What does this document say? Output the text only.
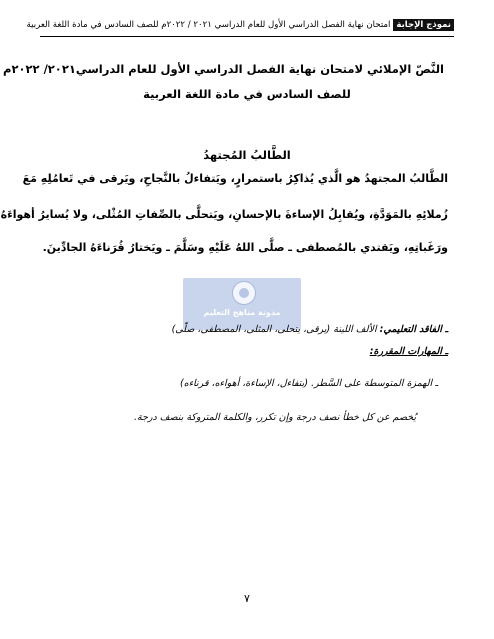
نموذج الإجابة
امتحان نهاية الفصل الدراسي الأول للعام الدراسي ٢٠٢١ / ٢٠٢٢م للصف السادس في مادة اللغة العربية
النَّصّ الإملائي لامتحان نهاية الفصل الدراسي الأول للعام الدراسي٢٠٢١/ ٢٠٢٢م
للصف السادس في مادة اللغة العربية
الطَّالبُ المُجتهدُ
الطَّالبُ المجتهدُ هو الَّذي يُذاكِرُ باستمرارٍ، ويَتفاءلُ بالنَّجاحِ، ويَرقى في تَعامُلِهِ مَعَ
زُملائِهِ بالمَوَدَّةِ، ويُقابِلُ الإساءةَ بالإحسانِ، ويَتحلَّى بالصِّفاتِ المُثْلى، ولا يُسايرُ أهواءَهُ
ورَغَباتِهِ، ويَقتدي بالمُصطفى ـ صلَّى اللهُ عَلَيْهِ وسَلَّمَ ـ ويَختارُ قُرَناءَهُ الجادِّينَ.
مدونة مناهج التعليم
ـ الفاقد التعليمي: الألف اللينة (يرقى، يتحلى، المثلى، المصطفى، صلّى)
ـ المهارات المقررة:
ـ الهمزة المتوسطة على السَّطر. (يتفاءل، الإساءة، أهواءه، قرناءه)
يُخصم عن كل خطأ نصف درجة وإن تكرر، والكلمة المتروكة بنصف درجة.
٧
